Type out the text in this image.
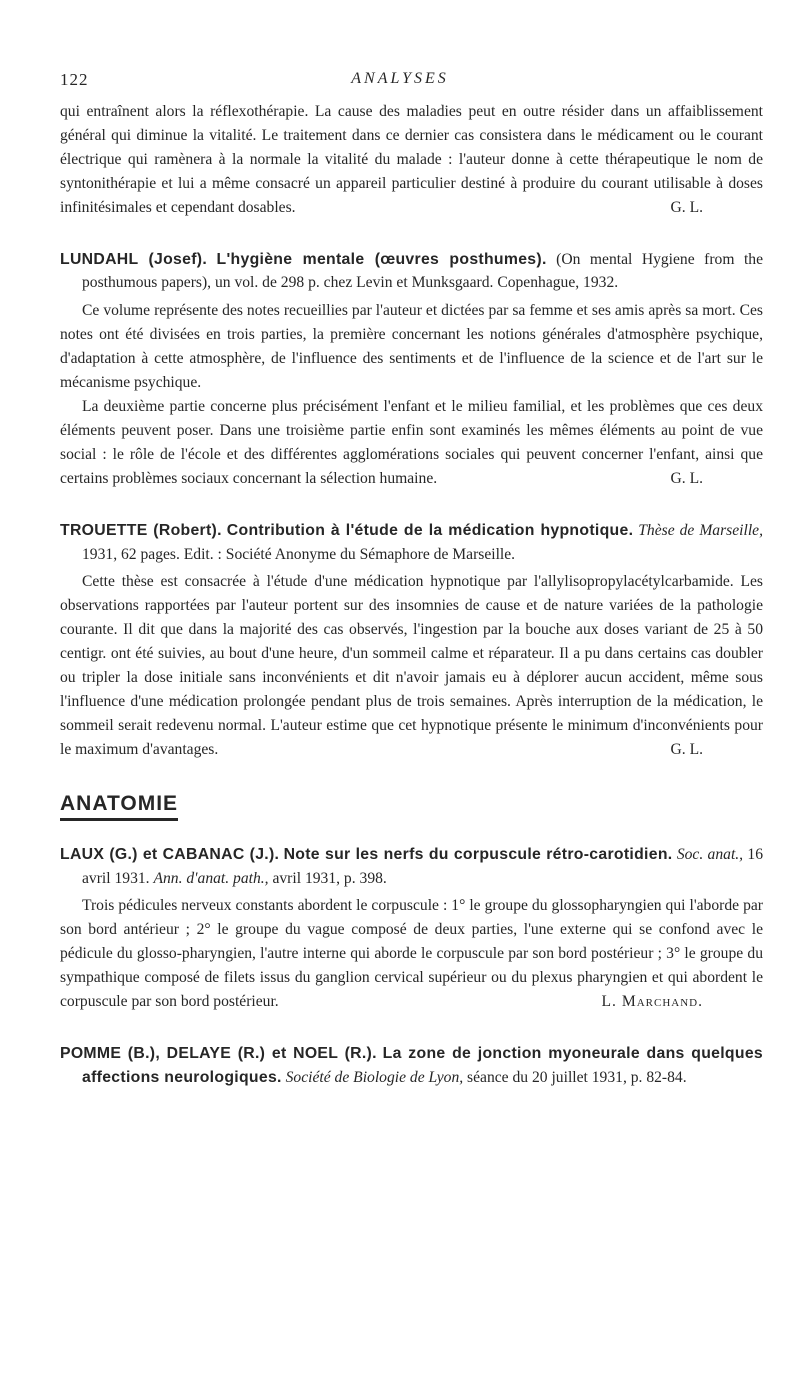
122	ANALYSES

qui entraînent alors la réflexothérapie. La cause des maladies peut en outre résider dans un affaiblissement général qui diminue la vitalité. Le traitement dans ce dernier cas consistera dans le médicament ou le courant électrique qui ramènera à la normale la vitalité du malade : l'auteur donne à cette thérapeutique le nom de syntonithérapie et lui a même consacré un appareil particulier destiné à produire du courant utilisable à doses infinitésimales et cependant dosables.	G. L.

LUNDAHL (Josef). L'hygiène mentale (œuvres posthumes). (On mental Hygiene from the posthumous papers), un vol. de 298 p. chez Levin et Munksgaard. Copenhague, 1932.

Ce volume représente des notes recueillies par l'auteur et dictées par sa femme et ses amis après sa mort. Ces notes ont été divisées en trois parties, la première concernant les notions générales d'atmosphère psychique, d'adaptation à cette atmosphère, de l'influence des sentiments et de l'influence de la science et de l'art sur le mécanisme psychique.

La deuxième partie concerne plus précisément l'enfant et le milieu familial, et les problèmes que ces deux éléments peuvent poser. Dans une troisième partie enfin sont examinés les mêmes éléments au point de vue social : le rôle de l'école et des différentes agglomérations sociales qui peuvent concerner l'enfant, ainsi que certains problèmes sociaux concernant la sélection humaine.	G. L.

TROUETTE (Robert). Contribution à l'étude de la médication hypnotique. Thèse de Marseille, 1931, 62 pages. Edit. : Société Anonyme du Sémaphore de Marseille.

Cette thèse est consacrée à l'étude d'une médication hypnotique par l'allylisopropylacétylcarbamide. Les observations rapportées par l'auteur portent sur des insomnies de cause et de nature variées de la pathologie courante. Il dit que dans la majorité des cas observés, l'ingestion par la bouche aux doses variant de 25 à 50 centigr. ont été suivies, au bout d'une heure, d'un sommeil calme et réparateur. Il a pu dans certains cas doubler ou tripler la dose initiale sans inconvénients et dit n'avoir jamais eu à déplorer aucun accident, même sous l'influence d'une médication prolongée pendant plus de trois semaines. Après interruption de la médication, le sommeil serait redevenu normal. L'auteur estime que cet hypnotique présente le minimum d'inconvénients pour le maximum d'avantages.	G. L.

ANATOMIE

LAUX (G.) et CABANAC (J.). Note sur les nerfs du corpuscule rétro-carotidien. Soc. anat., 16 avril 1931. Ann. d'anat. path., avril 1931, p. 398.

Trois pédicules nerveux constants abordent le corpuscule : 1° le groupe du glossopharyngien qui l'aborde par son bord antérieur ; 2° le groupe du vague composé de deux parties, l'une externe qui se confond avec le pédicule du glosso-pharyngien, l'autre interne qui aborde le corpuscule par son bord postérieur ; 3° le groupe du sympathique composé de filets issus du ganglion cervical supérieur ou du plexus pharyngien et qui abordent le corpuscule par son bord postérieur.	L. Marchand.

POMME (B.), DELAYE (R.) et NOEL (R.). La zone de jonction myoneurale dans quelques affections neurologiques. Société de Biologie de Lyon, séance du 20 juillet 1931, p. 82-84.
